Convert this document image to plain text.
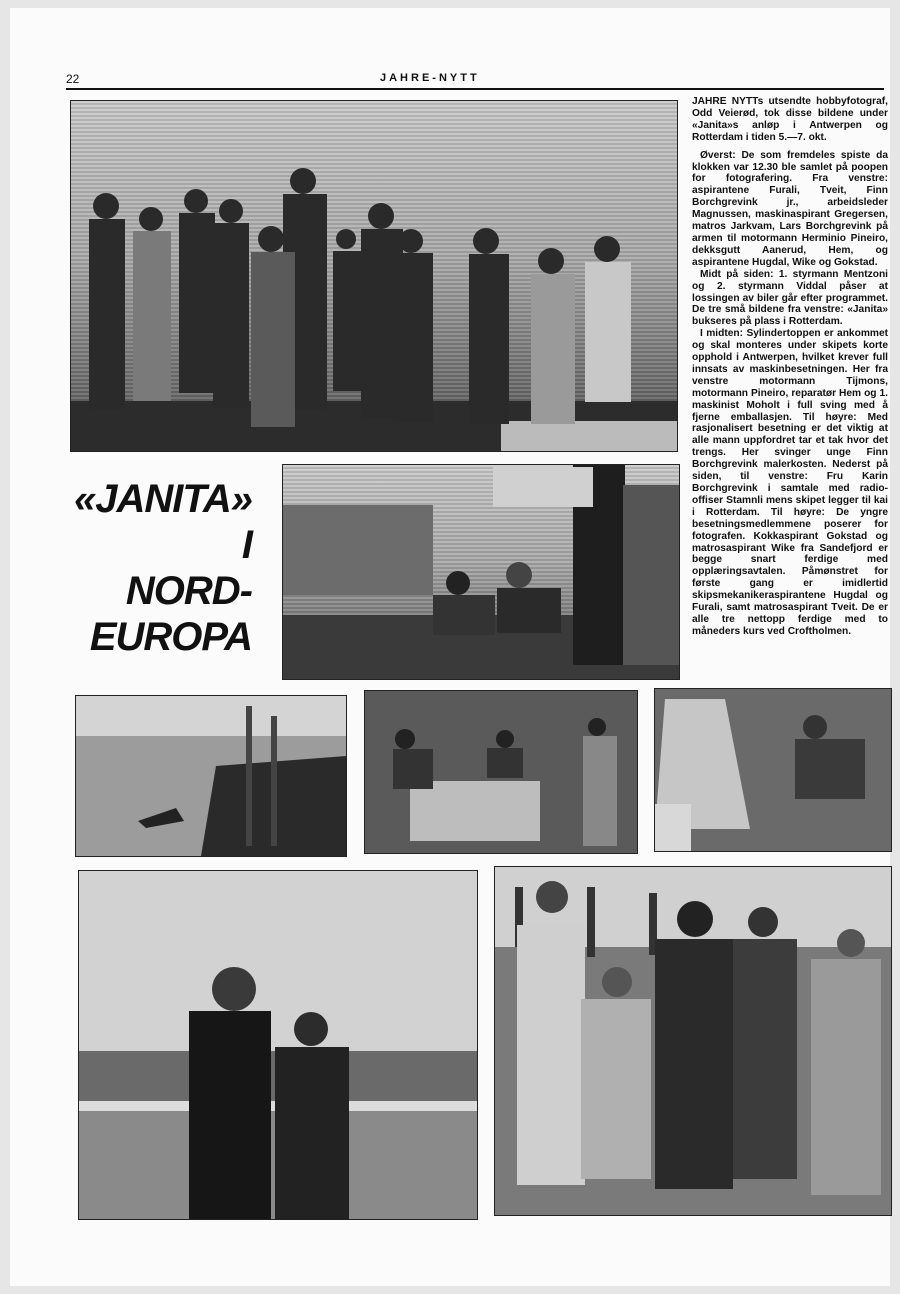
22	JAHRE-NYTT
«JANITA»
I
NORD-
EUROPA

JAHRE NYTTs utsendte hobbyfotograf, Odd Veierød, tok disse bildene under «Janita»s anløp i Antwerpen og Rotterdam i tiden 5.—7. okt.

Øverst: De som fremdeles spiste da klokken var 12.30 ble samlet på poopen for fotografering. Fra venstre: aspirantene Furali, Tveit, Finn Borchgrevink jr., arbeidsleder Magnussen, maskinaspirant Gregersen, matros Jarkvam, Lars Borchgrevink på armen til motormann Herminio Pineiro, dekksgutt Aanerud, Hem, og aspirantene Hugdal, Wike og Gokstad.

Midt på siden: 1. styrmann Mentzoni og 2. styrmann Viddal påser at lossingen av biler går efter programmet. De tre små bildene fra venstre: «Janita» bukseres på plass i Rotterdam.

I midten: Sylindertoppen er ankommet og skal monteres under skipets korte opphold i Antwerpen, hvilket krever full innsats av maskinbesetningen. Her fra venstre motormann Tijmons, motormann Pineiro, reparatør Hem og 1. maskinist Moholt i full sving med å fjerne emballasjen. Til høyre: Med rasjonalisert besetning er det viktig at alle mann uppfordret tar et tak hvor det trengs. Her svinger unge Finn Borchgrevink malerkosten. Nederst på siden, til venstre: Fru Karin Borchgrevink i samtale med radio-offiser Stamnli mens skipet legger til kai i Rotterdam. Til høyre: De yngre besetningsmedlemmene poserer for fotografen. Kokkaspirant Gokstad og matrosaspirant Wike fra Sandefjord er begge snart ferdige med opplæringsavtalen. Påmønstret for første gang er imidlertid skipsmekanikeraspirantene Hugdal og Furali, samt matrosaspirant Tveit. De er alle tre nettopp ferdige med to måneders kurs ved Croftholmen.
